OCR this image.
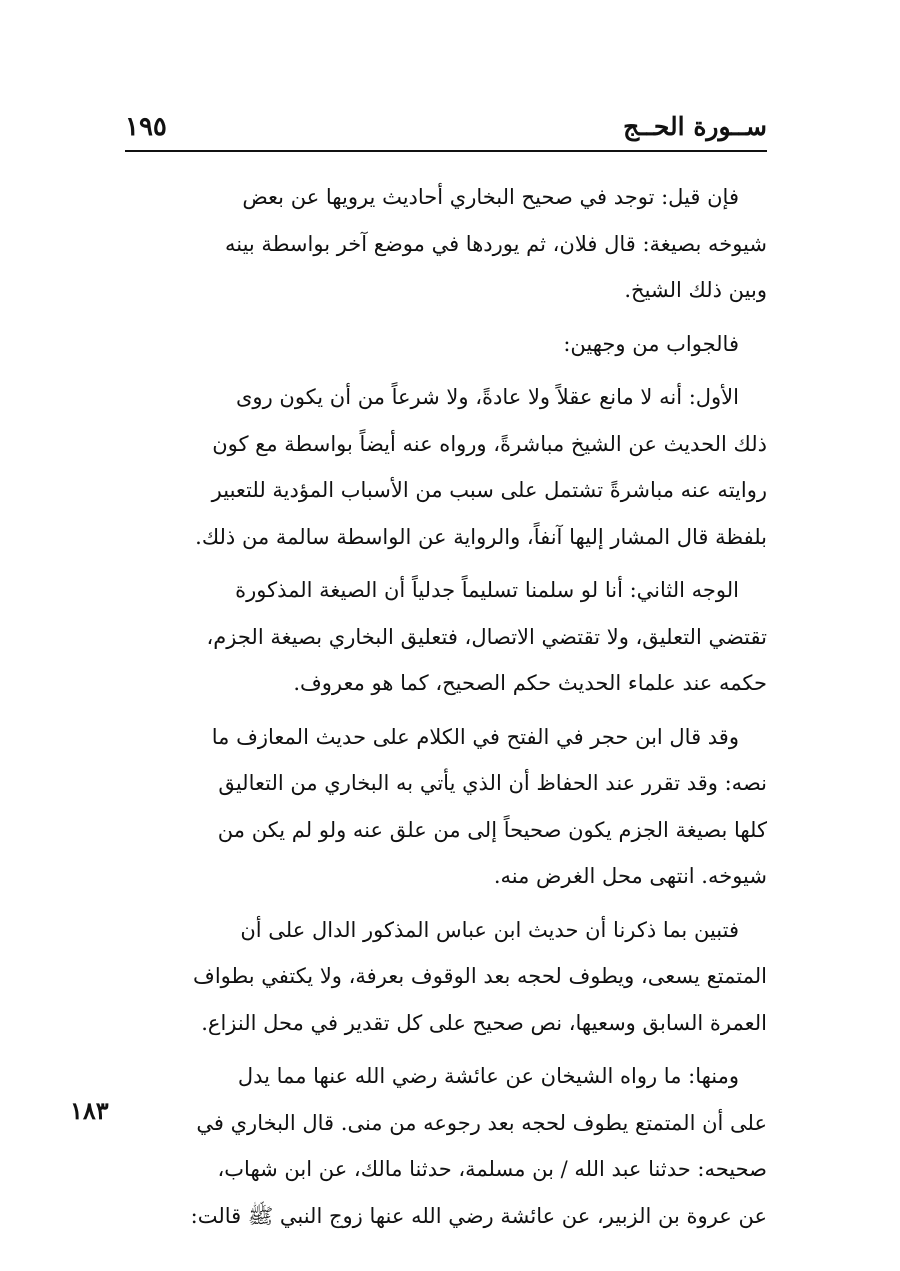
ســورة الحــج
١٩٥
فإن قيل: توجد في صحيح البخاري أحاديث يرويها عن بعض
شيوخه بصيغة: قال فلان، ثم يوردها في موضع آخر بواسطة بينه
وبين ذلك الشيخ.
فالجواب من وجهين:
الأول: أنه لا مانع عقلاً ولا عادةً، ولا شرعاً من أن يكون روى
ذلك الحديث عن الشيخ مباشرةً، ورواه عنه أيضاً بواسطة مع كون
روايته عنه مباشرةً تشتمل على سبب من الأسباب المؤدية للتعبير
بلفظة قال المشار إليها آنفاً، والرواية عن الواسطة سالمة من ذلك.
الوجه الثاني: أنا لو سلمنا تسليماً جدلياً أن الصيغة المذكورة
تقتضي التعليق، ولا تقتضي الاتصال، فتعليق البخاري بصيغة الجزم،
حكمه عند علماء الحديث حكم الصحيح، كما هو معروف.
وقد قال ابن حجر في الفتح في الكلام على حديث المعازف ما
نصه: وقد تقرر عند الحفاظ أن الذي يأتي به البخاري من التعاليق
كلها بصيغة الجزم يكون صحيحاً إلى من علق عنه ولو لم يكن من
شيوخه. انتهى محل الغرض منه.
فتبين بما ذكرنا أن حديث ابن عباس المذكور الدال على أن
المتمتع يسعى، ويطوف لحجه بعد الوقوف بعرفة، ولا يكتفي بطواف
العمرة السابق وسعيها، نص صحيح على كل تقدير في محل النزاع.
ومنها: ما رواه الشيخان عن عائشة رضي الله عنها مما يدل
على أن المتمتع يطوف لحجه بعد رجوعه من منى. قال البخاري في
صحيحه: حدثنا عبد الله / بن مسلمة، حدثنا مالك، عن ابن شهاب،
عن عروة بن الزبير، عن عائشة رضي الله عنها زوج النبي ﷺ قالت:
١٨٣
